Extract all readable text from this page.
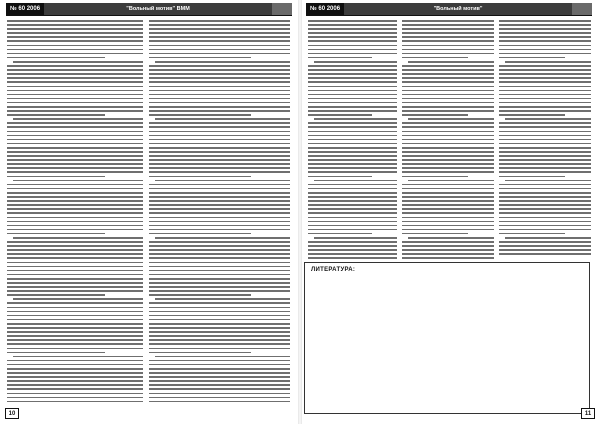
№ 60 2006	"Вольный мотив" ВММ
10
№ 60 2006	"Вольный мотив"
ЛИТЕРАТУРА:
11
